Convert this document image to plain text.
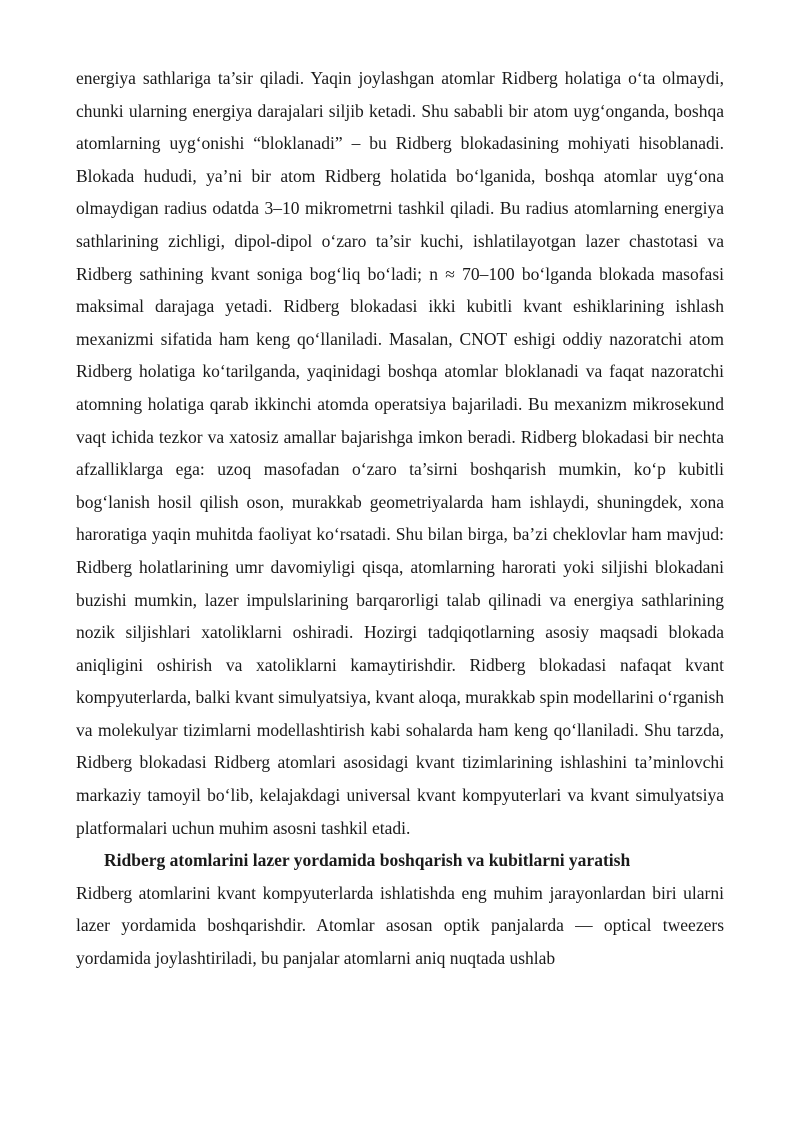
energiya sathlariga ta’sir qiladi. Yaqin joylashgan atomlar Ridberg holatiga o‘ta olmaydi, chunki ularning energiya darajalari siljib ketadi. Shu sababli bir atom uyg‘onganda, boshqa atomlarning uyg‘onishi “bloklanadi” – bu Ridberg blokadasining mohiyati hisoblanadi. Blokada hududi, ya’ni bir atom Ridberg holatida bo‘lganida, boshqa atomlar uyg‘ona olmaydigan radius odatda 3–10 mikrometrni tashkil qiladi. Bu radius atomlarning energiya sathlarining zichligi, dipol-dipol o‘zaro ta’sir kuchi, ishlatilayotgan lazer chastotasi va Ridberg sathining kvant soniga bog‘liq bo‘ladi; n ≈ 70–100 bo‘lganda blokada masofasi maksimal darajaga yetadi. Ridberg blokadasi ikki kubitli kvant eshiklarining ishlash mexanizmi sifatida ham keng qo‘llaniladi. Masalan, CNOT eshigi oddiy nazoratchi atom Ridberg holatiga ko‘tarilganda, yaqinidagi boshqa atomlar bloklanadi va faqat nazoratchi atomning holatiga qarab ikkinchi atomda operatsiya bajariladi. Bu mexanizm mikrosekund vaqt ichida tezkor va xatosiz amallar bajarishga imkon beradi. Ridberg blokadasi bir nechta afzalliklarga ega: uzoq masofadan o‘zaro ta’sirni boshqarish mumkin, ko‘p kubitli bog‘lanish hosil qilish oson, murakkab geometriyalarda ham ishlaydi, shuningdek, xona haroratiga yaqin muhitda faoliyat ko‘rsatadi. Shu bilan birga, ba’zi cheklovlar ham mavjud: Ridberg holatlarining umr davomiyligi qisqa, atomlarning harorati yoki siljishi blokadani buzishi mumkin, lazer impulslarining barqarorligi talab qilinadi va energiya sathlarining nozik siljishlari xatoliklarni oshiradi. Hozirgi tadqiqotlarning asosiy maqsadi blokada aniqligini oshirish va xatoliklarni kamaytirishdir. Ridberg blokadasi nafaqat kvant kompyuterlarda, balki kvant simulyatsiya, kvant aloqa, murakkab spin modellarini o‘rganish va molekulyar tizimlarni modellashtirish kabi sohalarda ham keng qo‘llaniladi. Shu tarzda, Ridberg blokadasi Ridberg atomlari asosidagi kvant tizimlarining ishlashini ta’minlovchi markaziy tamoyil bo‘lib, kelajakdagi universal kvant kompyuterlari va kvant simulyatsiya platformalari uchun muhim asosni tashkil etadi.

Ridberg atomlarini lazer yordamida boshqarish va kubitlarni yaratish

Ridberg atomlarini kvant kompyuterlarda ishlatishda eng muhim jarayonlardan biri ularni lazer yordamida boshqarishdir. Atomlar asosan optik panjalarda — optical tweezers yordamida joylashtiriladi, bu panjalar atomlarni aniq nuqtada ushlab
